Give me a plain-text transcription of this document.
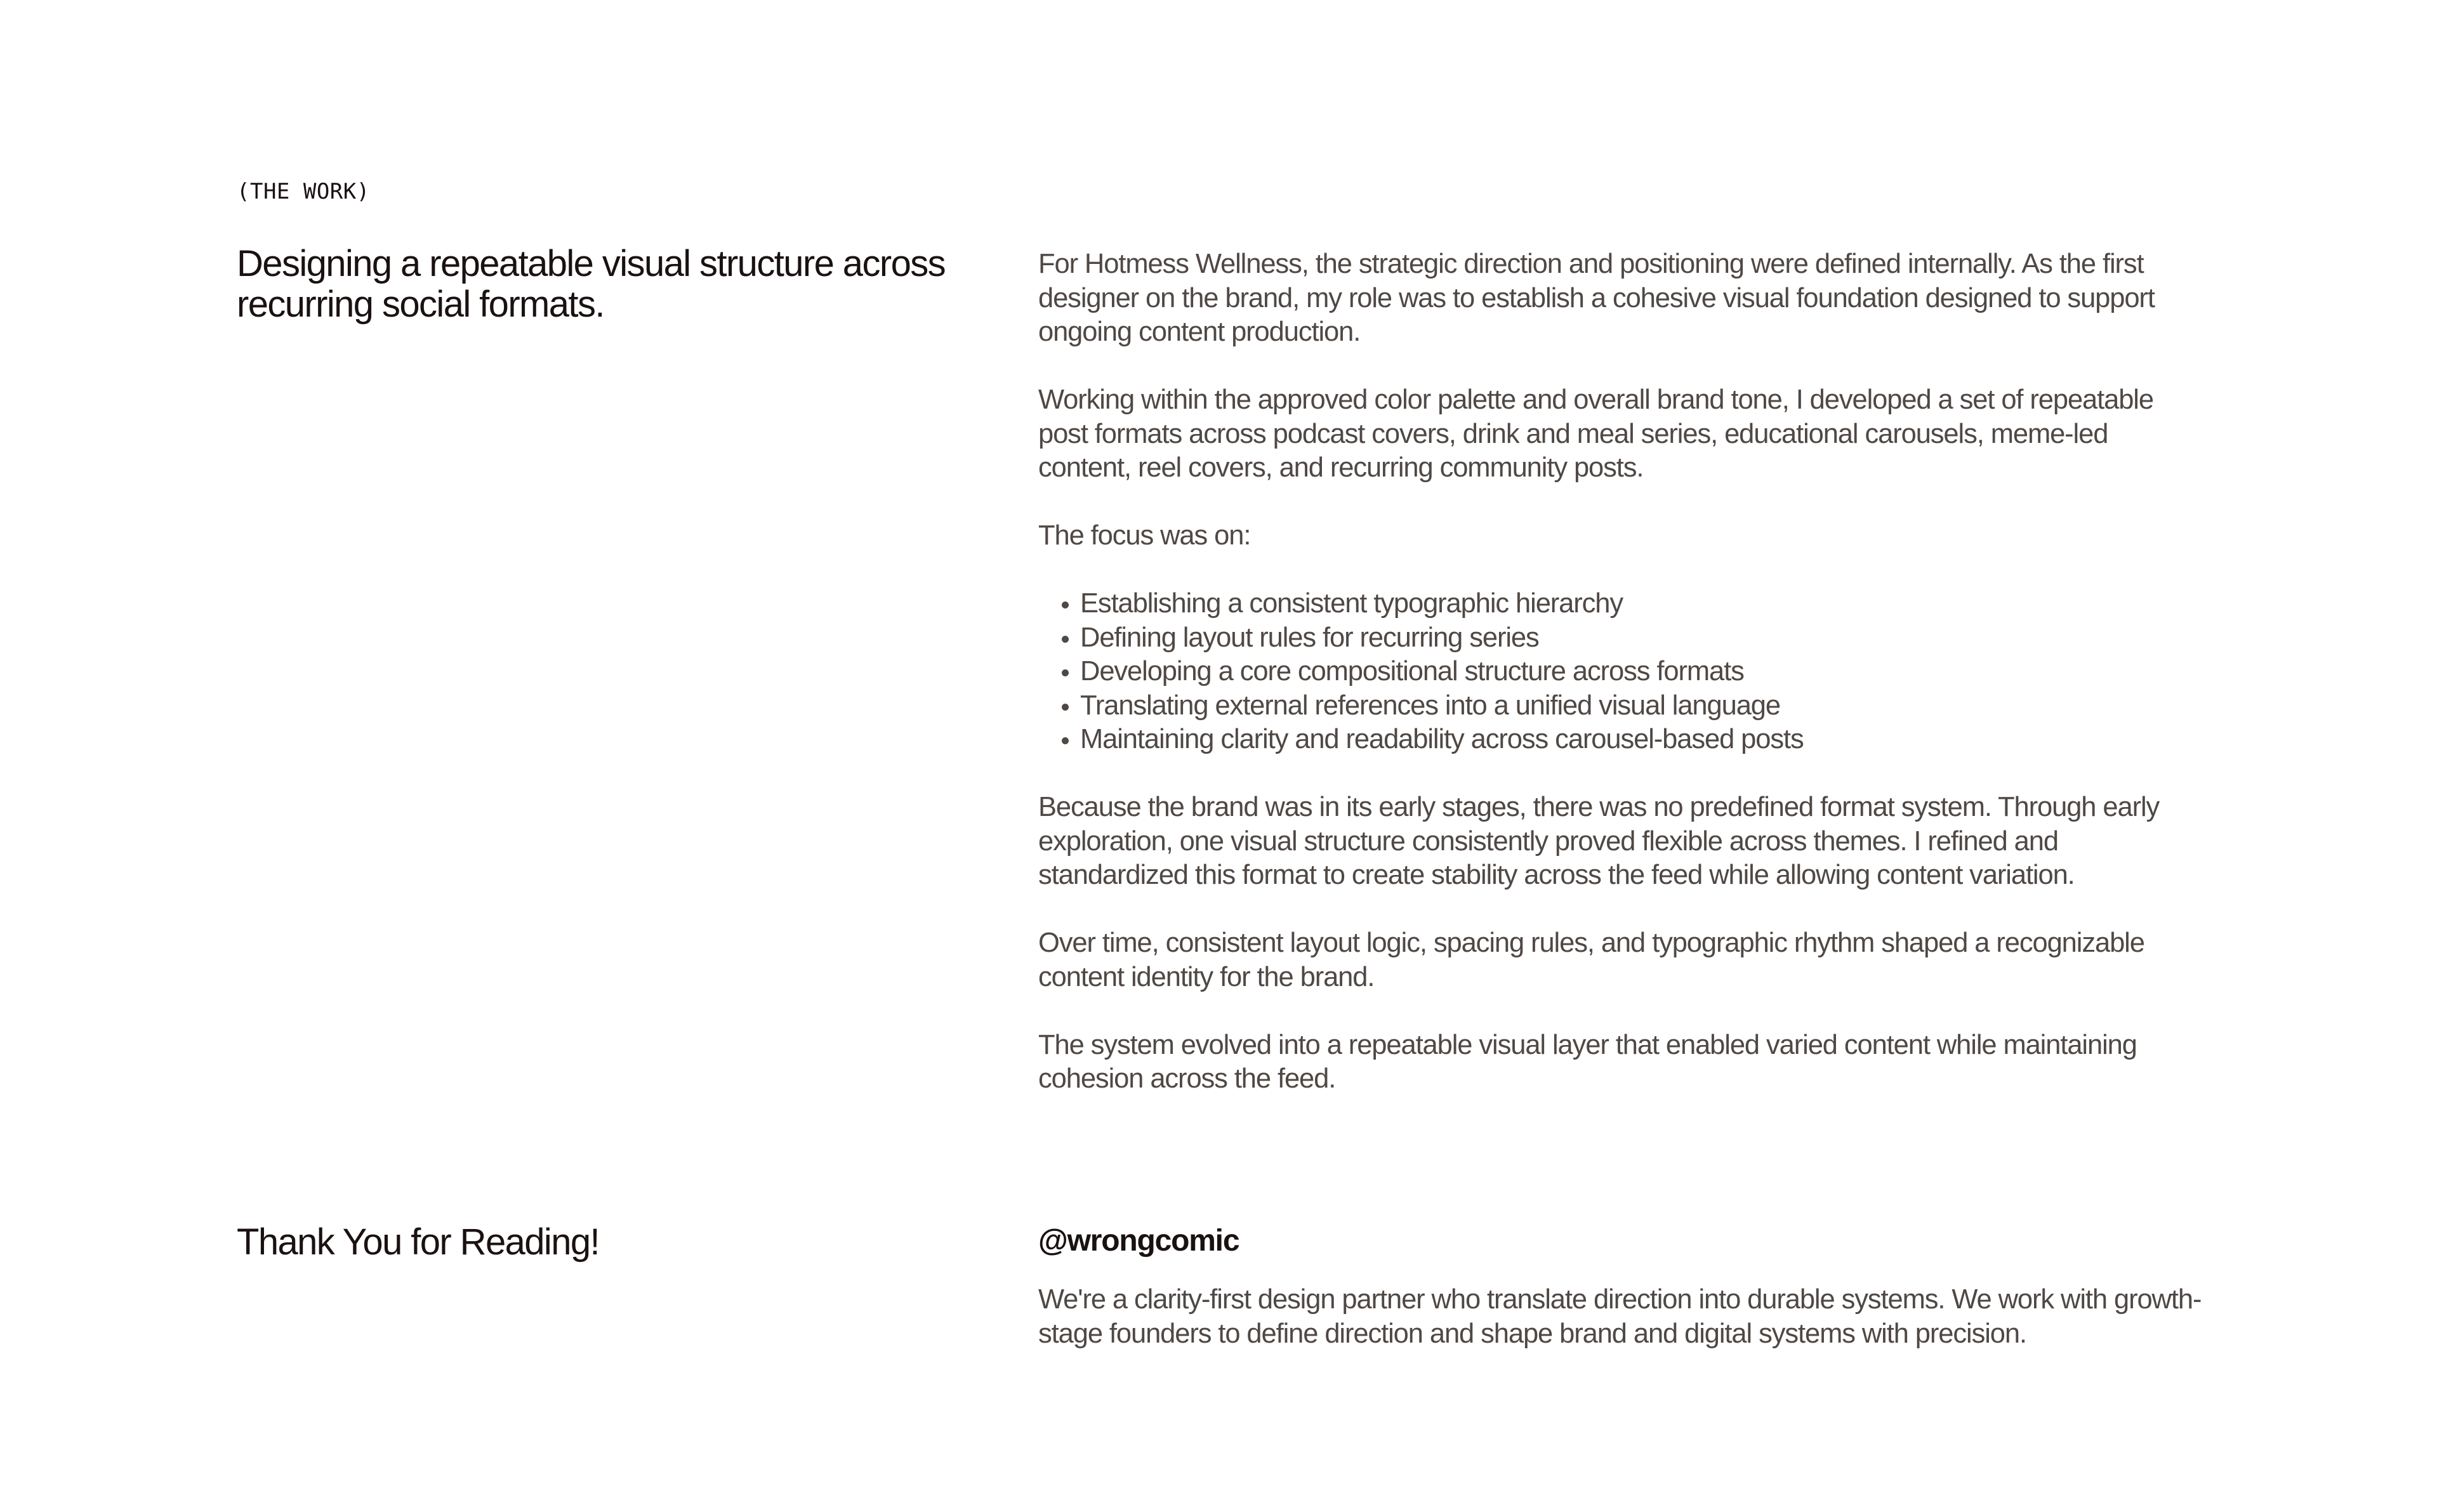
(THE WORK)

Designing a repeatable visual structure across recurring social formats.

For Hotmess Wellness, the strategic direction and positioning were defined internally. As the first designer on the brand, my role was to establish a cohesive visual foundation designed to support ongoing content production.

Working within the approved color palette and overall brand tone, I developed a set of repeatable post formats across podcast covers, drink and meal series, educational carousels, meme-led content, reel covers, and recurring community posts.

The focus was on:

• Establishing a consistent typographic hierarchy
• Defining layout rules for recurring series
• Developing a core compositional structure across formats
• Translating external references into a unified visual language
• Maintaining clarity and readability across carousel-based posts

Because the brand was in its early stages, there was no predefined format system. Through early exploration, one visual structure consistently proved flexible across themes. I refined and standardized this format to create stability across the feed while allowing content variation.

Over time, consistent layout logic, spacing rules, and typographic rhythm shaped a recognizable content identity for the brand.

The system evolved into a repeatable visual layer that enabled varied content while maintaining cohesion across the feed.

Thank You for Reading!	@wrongcomic

We're a clarity-first design partner who translate direction into durable systems. We work with growth-stage founders to define direction and shape brand and digital systems with precision.
